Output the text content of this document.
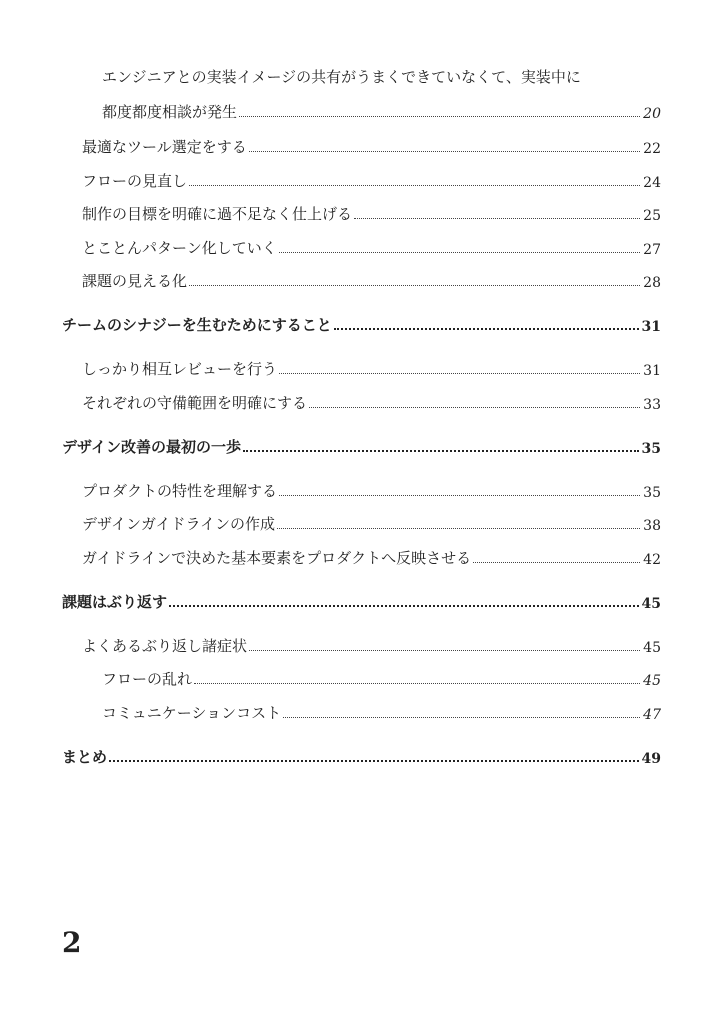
エンジニアとの実装イメージの共有がうまくできていなくて、実装中に
都度都度相談が発生	20
最適なツール選定をする	22
フローの見直し	24
制作の目標を明確に過不足なく仕上げる	25
とことんパターン化していく	27
課題の見える化	28
チームのシナジーを生むためにすること	31
しっかり相互レビューを行う	31
それぞれの守備範囲を明確にする	33
デザイン改善の最初の一歩	35
プロダクトの特性を理解する	35
デザインガイドラインの作成	38
ガイドラインで決めた基本要素をプロダクトへ反映させる	42
課題はぶり返す	45
よくあるぶり返し諸症状	45
フローの乱れ	45
コミュニケーションコスト	47
まとめ	49
2
